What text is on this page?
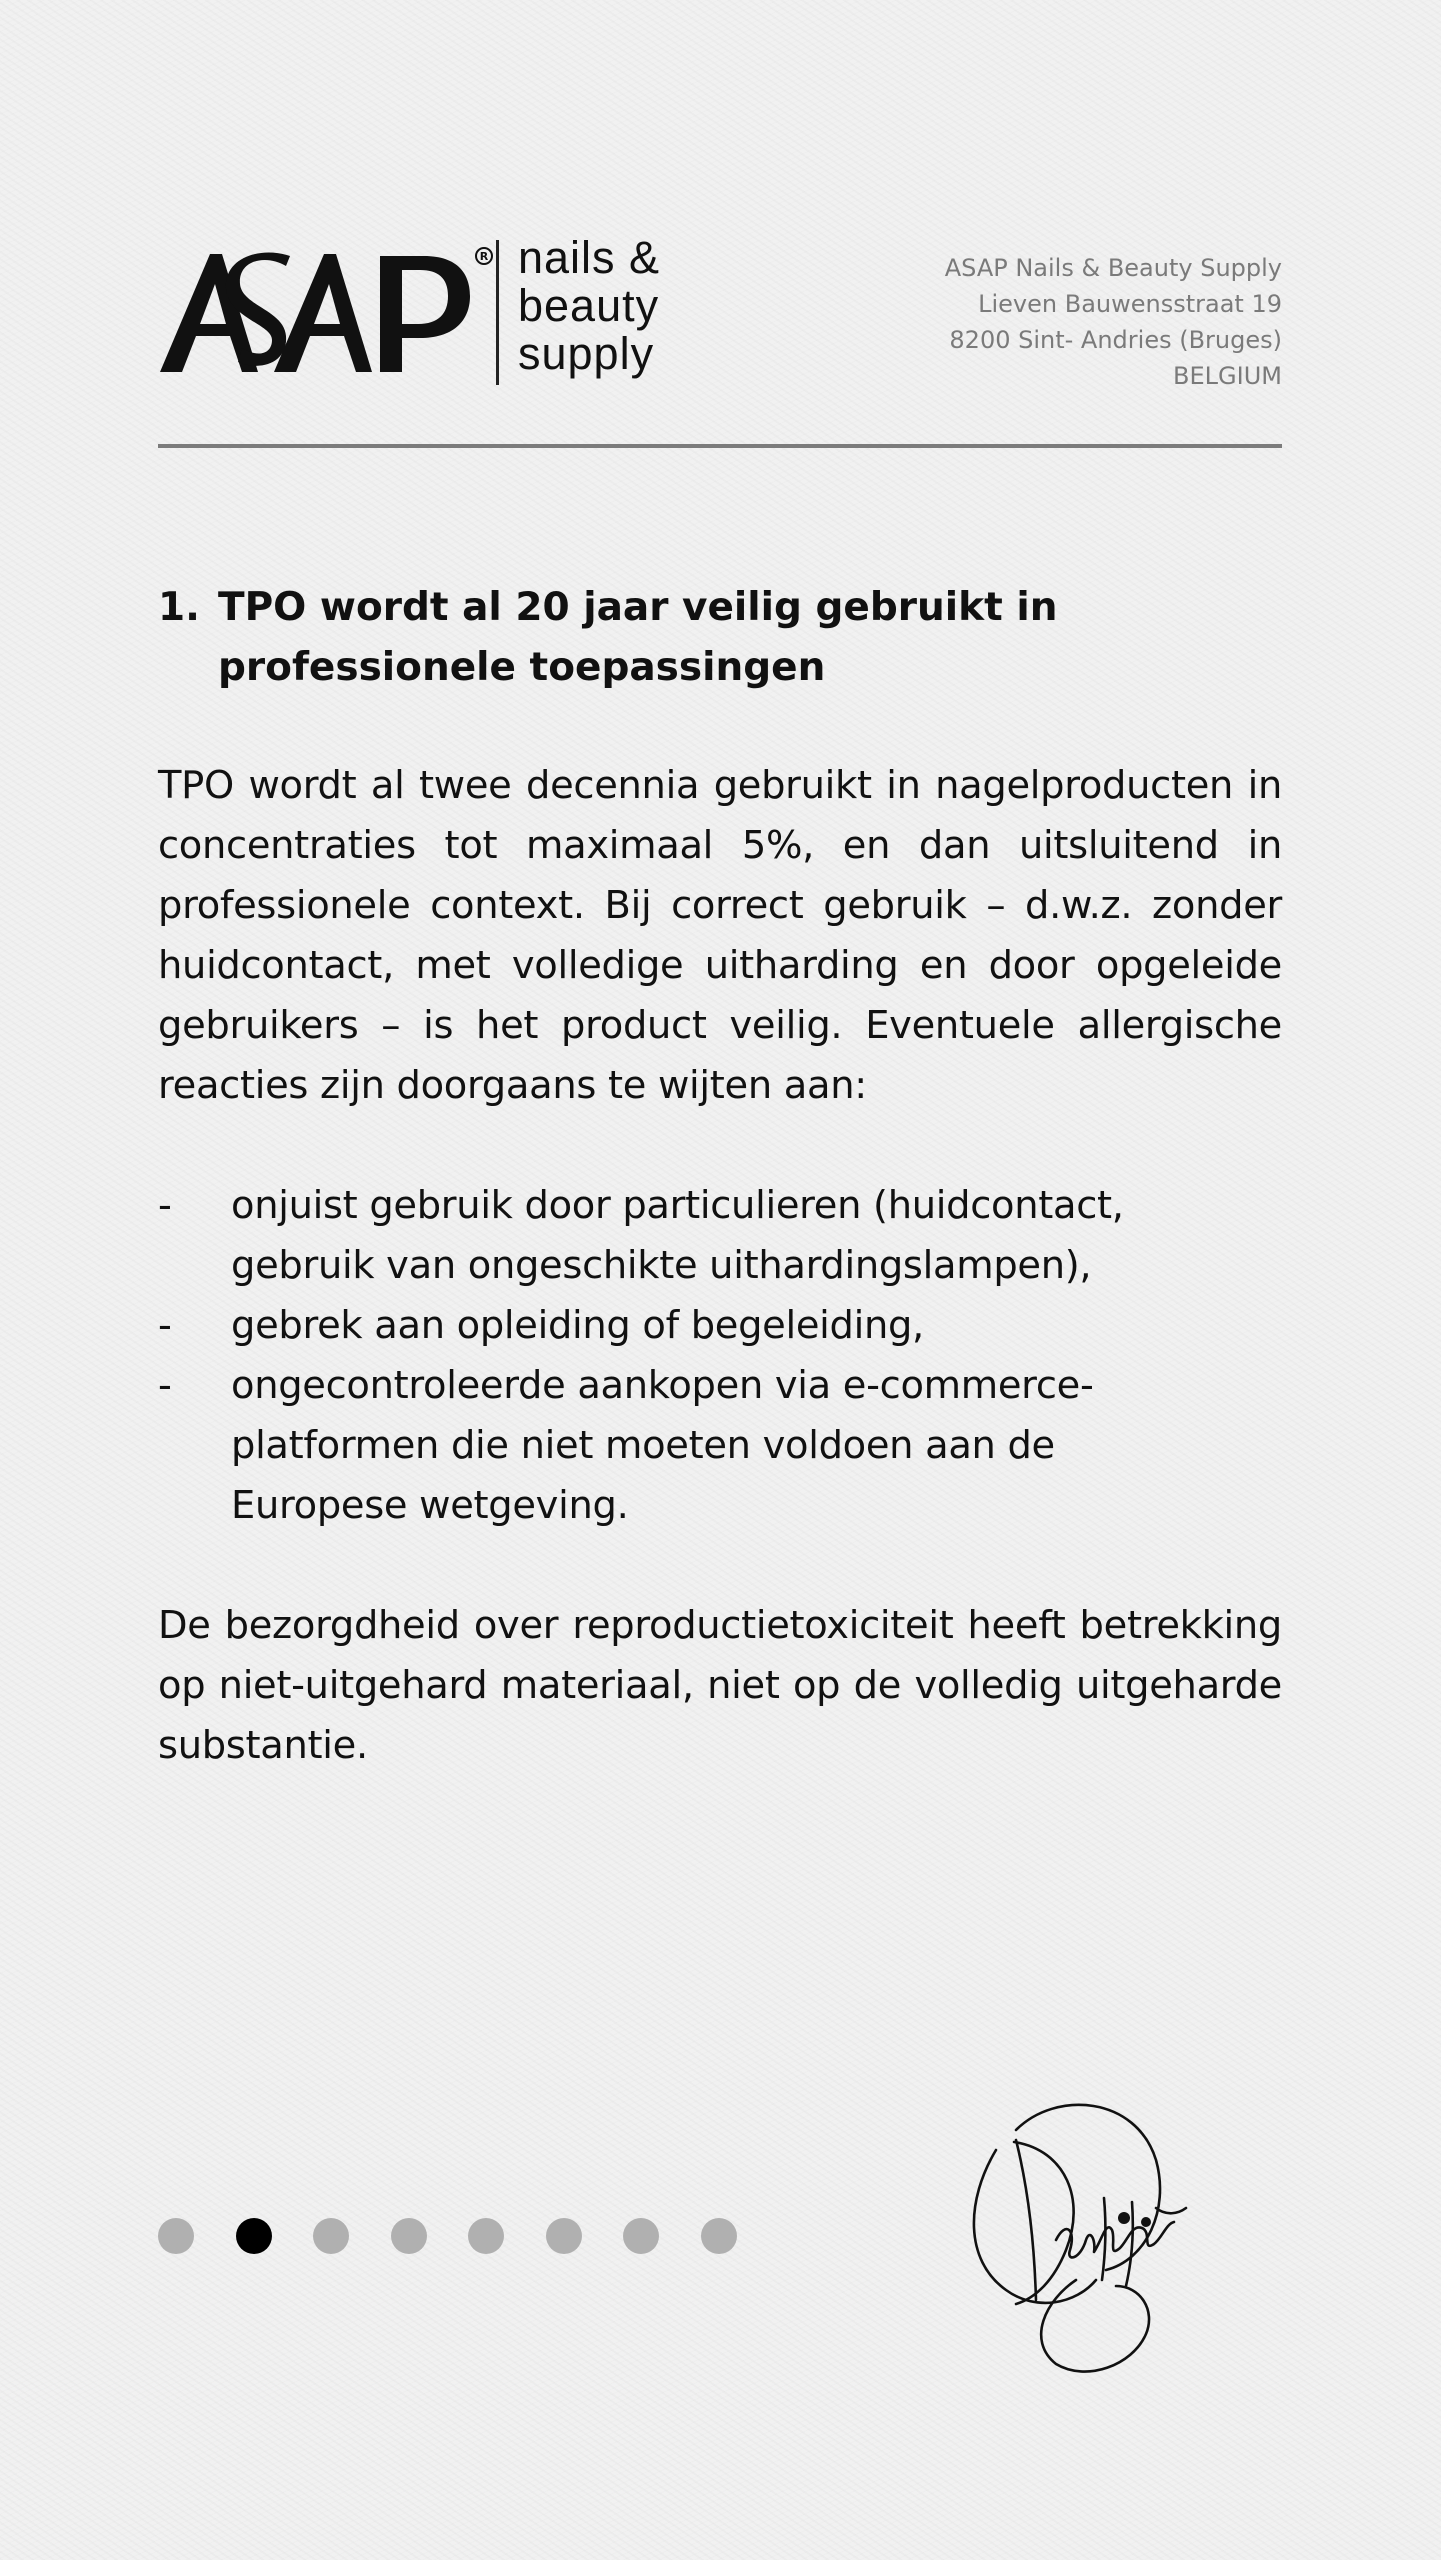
R nails &
beauty
supply
ASAP Nails & Beauty Supply
Lieven Bauwensstraat 19
8200 Sint- Andries (Bruges)
BELGIUM
1. TPO wordt al 20 jaar veilig gebruikt in professionele toepassingen

TPO wordt al twee decennia gebruikt in nagelproducten in concentraties tot maximaal 5%, en dan uitsluitend in professionele context. Bij correct gebruik – d.w.z. zonder huidcontact, met volledige uitharding en door opgeleide gebruikers – is het product veilig. Eventuele allergische reacties zijn doorgaans te wijten aan:

- onjuist gebruik door particulieren (huidcontact, gebruik van ongeschikte uithardingslampen),
- gebrek aan opleiding of begeleiding,
- ongecontroleerde aankopen via e-commerce-platformen die niet moeten voldoen aan de Europese wetgeving.

De bezorgdheid over reproductietoxiciteit heeft betrekking op niet-uitgehard materiaal, niet op de volledig uitgeharde substantie.
